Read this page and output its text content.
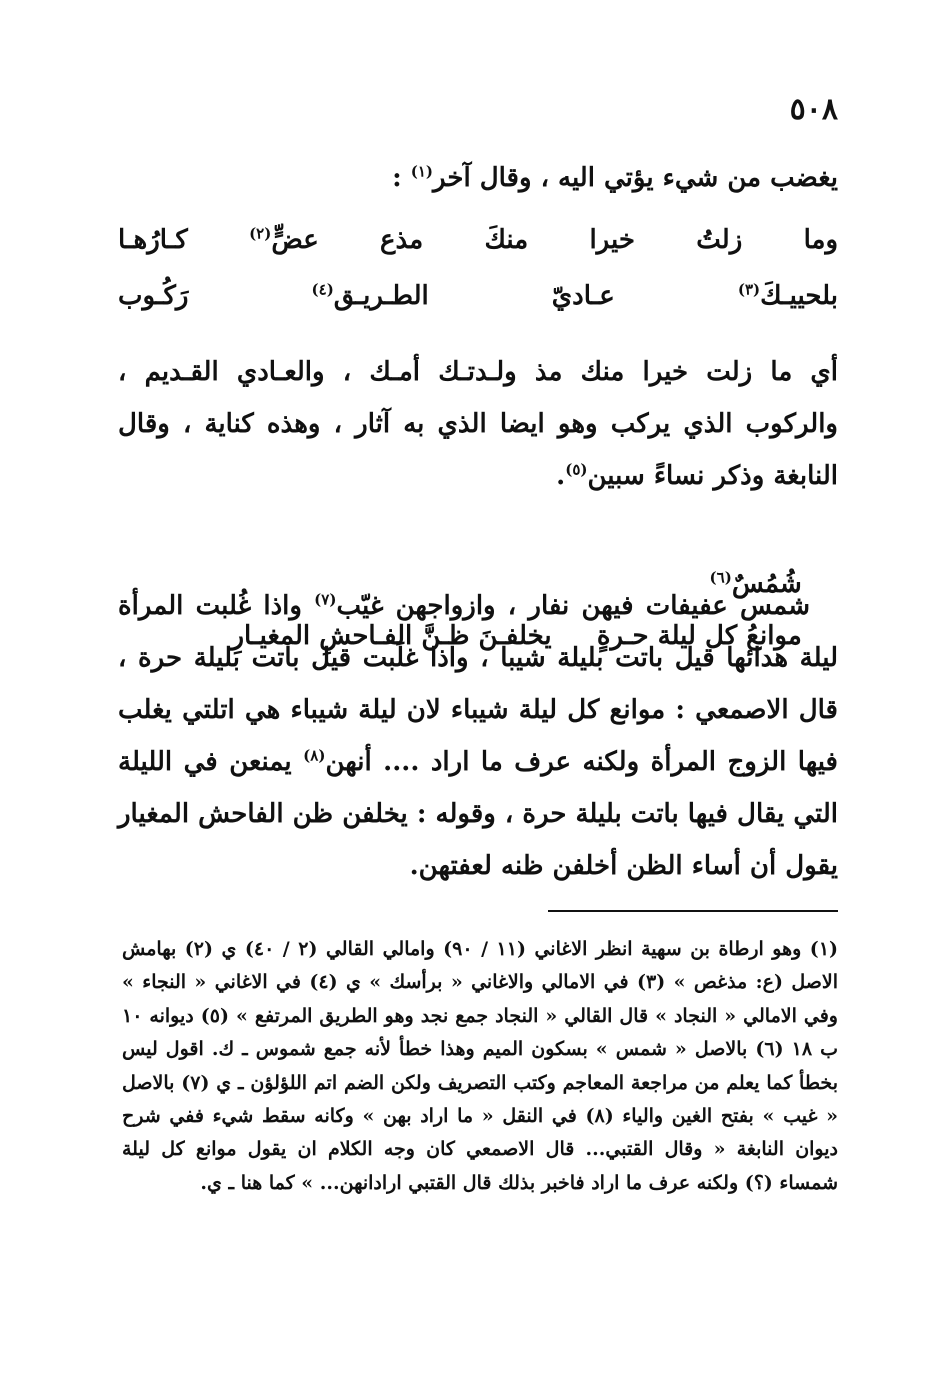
٥٠٨
يغضب من شيء يؤتي اليه ، وقال آخر$^{(١)}$ :
وما زلتُ خيرا منكَ مذع عضٍّ$^{(٢)}$ كـارُهـا
بلحييـكَ$^{(٣)}$ عـاديّ الطـريـق$^{(٤)}$ رَكُـوب
أي ما زلت خيرا منك مذ ولـدتـك أمـك ، والعـادي القـديم ، والركوب الذي يركب وهو ايضا الذي به آثار ، وهذه كناية ، وقال النابغة وذكر نساءً سبين$^{(٥)}$.

شُمُسٌ$^{(٦)}$
موانعُ كل ليلة حـرةٍ     يخلفـنَ ظـنَّ الفـاحشِ المغيـارِ

شمس عفيفات فيهن نفار ، وازواجهن غيّب$^{(٧)}$ واذا غُلبت المرأة ليلة هدائها قيل باتت بليلة شيبا ، واذا غلَبت قيل باتت بليلة حرة ، قال الاصمعي : موانع كل ليلة شيباء لان ليلة شيباء هي اتلتي يغلب فيها الزوج المرأة ولكنه عرف ما اراد .... أنهن$^{(٨)}$ يمنعن في الليلة التي يقال فيها باتت بليلة حرة ، وقوله : يخلفن ظن الفاحش المغيار يقول أن أساء الظن أخلفن ظنه لعفتهن.
(١) وهو ارطاة بن سهية انظر الاغاني (١١ / ٩٠) وامالي القالي (٢ / ٤٠) ي (٢) بهامش الاصل (ع: مذغص » (٣) في الامالي والاغاني « برأسك » ي (٤) في الاغاني « النجاء » وفي الامالي « النجاد » قال القالي « النجاد جمع نجد وهو الطريق المرتفع » (٥) ديوانه ١٠ ب ١٨ (٦) بالاصل « شمس » بسكون الميم وهذا خطأ لأنه جمع شموس ـ ك. اقول ليس بخطأ كما يعلم من مراجعة المعاجم وكتب التصريف ولكن الضم اتم اللؤلؤن ـ ي (٧) بالاصل « غيب » بفتح الغين والياء (٨) في النقل « ما اراد بهن » وكانه سقط شيء ففي شرح ديوان النابغة « وقال القتبي... قال الاصمعي كان وجه الكلام ان يقول موانع كل ليلة شمساء (؟) ولكنه عرف ما اراد فاخبر بذلك قال القتبي ارادانهن... » كما هنا ـ ي.
